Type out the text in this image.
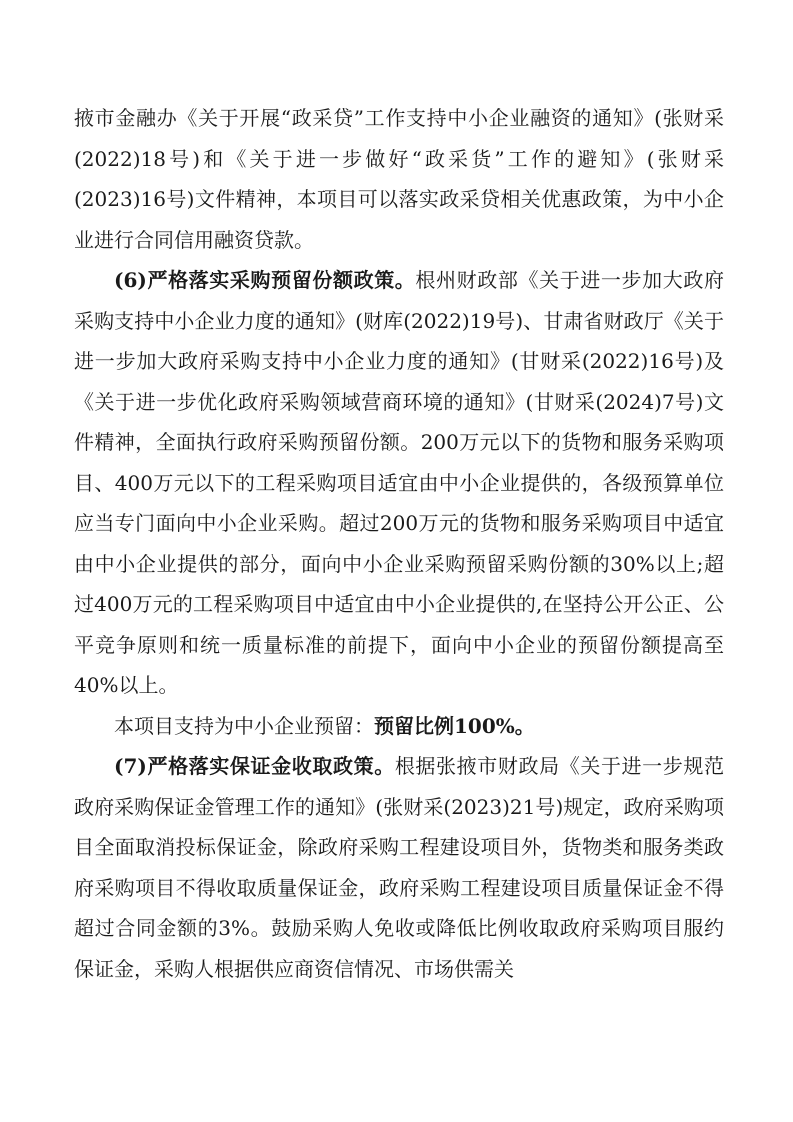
掖市金融办《关于开展“政采贷”工作支持中小企业融资的通知》(张财采(2022)18号)和《关于进一步做好“政采货”工作的避知》(张财采(2023)16号)文件精神，本项目可以落实政采贷相关优惠政策，为中小企业进行合同信用融资贷款。

(6)严格落实采购预留份额政策。根州财政部《关于进一步加大政府采购支持中小企业力度的通知》(财库(2022)19号)、甘肃省财政厅《关于进一步加大政府采购支持中小企业力度的通知》(甘财采(2022)16号)及《关于进一步优化政府采购领域营商环境的通知》(甘财采(2024)7号)文件精神，全面执行政府采购预留份额。200万元以下的货物和服务采购项目、400万元以下的工程采购项目适宜由中小企业提供的，各级预算单位应当专门面向中小企业采购。超过200万元的货物和服务采购项目中适宜由中小企业提供的部分，面向中小企业采购预留采购份额的30%以上;超过400万元的工程采购项目中适宜由中小企业提供的,在坚持公开公正、公平竞争原则和统一质量标准的前提下，面向中小企业的预留份额提高至40%以上。

本项目支持为中小企业预留：预留比例100%。

(7)严格落实保证金收取政策。根据张掖市财政局《关于进一步规范政府采购保证金管理工作的通知》(张财采(2023)21号)规定，政府采购项目全面取消投标保证金，除政府采购工程建设项目外，货物类和服务类政府采购项目不得收取质量保证金，政府采购工程建设项目质量保证金不得超过合同金额的3%。鼓励采购人免收或降低比例收取政府采购项目服约保证金，采购人根据供应商资信情况、市场供需关
